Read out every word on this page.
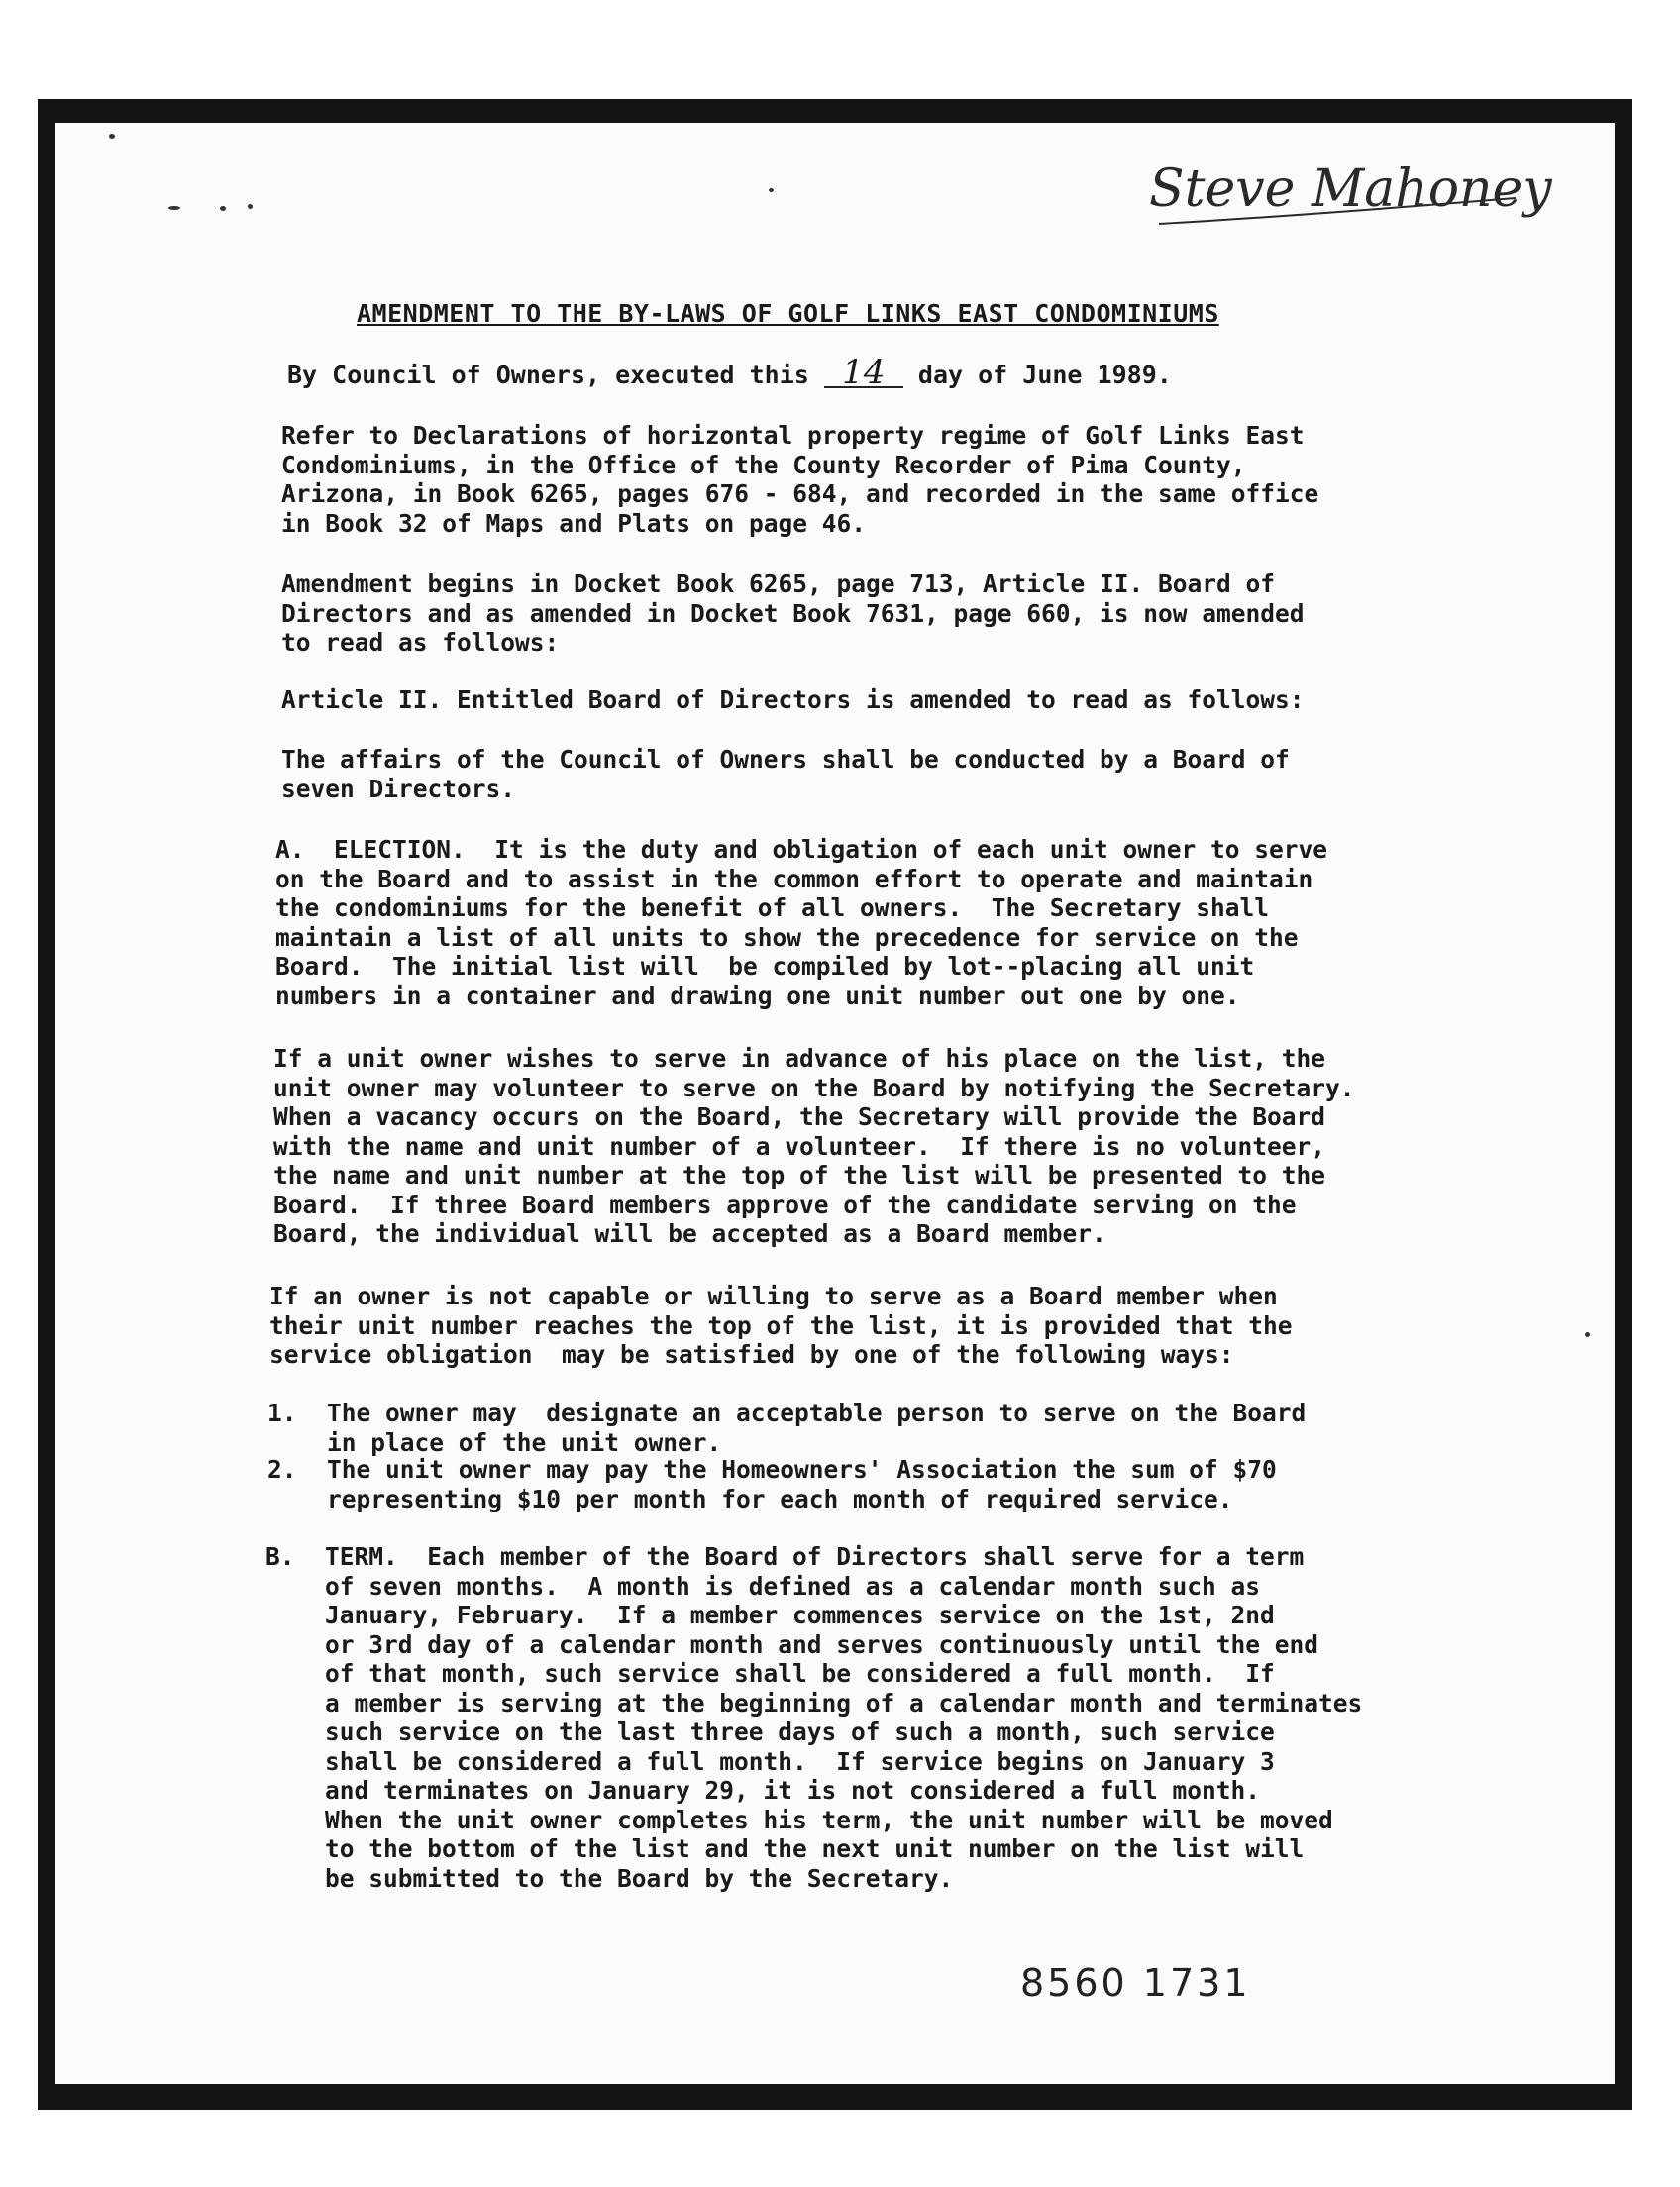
Steve Mahoney
AMENDMENT TO THE BY-LAWS OF GOLF LINKS EAST CONDOMINIUMS
By Council of Owners, executed this 14 day of June 1989.
Refer to Declarations of horizontal property regime of Golf Links East
Condominiums, in the Office of the County Recorder of Pima County,
Arizona, in Book 6265, pages 676 - 684, and recorded in the same office
in Book 32 of Maps and Plats on page 46.
Amendment begins in Docket Book 6265, page 713, Article II. Board of
Directors and as amended in Docket Book 7631, page 660, is now amended
to read as follows:
Article II. Entitled Board of Directors is amended to read as follows:
The affairs of the Council of Owners shall be conducted by a Board of
seven Directors.
A.  ELECTION.  It is the duty and obligation of each unit owner to serve
on the Board and to assist in the common effort to operate and maintain
the condominiums for the benefit of all owners.  The Secretary shall
maintain a list of all units to show the precedence for service on the
Board.  The initial list will  be compiled by lot--placing all unit
numbers in a container and drawing one unit number out one by one.
If a unit owner wishes to serve in advance of his place on the list, the
unit owner may volunteer to serve on the Board by notifying the Secretary.
When a vacancy occurs on the Board, the Secretary will provide the Board
with the name and unit number of a volunteer.  If there is no volunteer,
the name and unit number at the top of the list will be presented to the
Board.  If three Board members approve of the candidate serving on the
Board, the individual will be accepted as a Board member.
If an owner is not capable or willing to serve as a Board member when
their unit number reaches the top of the list, it is provided that the
service obligation  may be satisfied by one of the following ways:
1. The owner may  designate an acceptable person to serve on the Board
in place of the unit owner.
2. The unit owner may pay the Homeowners' Association the sum of $70
representing $10 per month for each month of required service.
B. TERM.  Each member of the Board of Directors shall serve for a term
of seven months.  A month is defined as a calendar month such as
January, February.  If a member commences service on the 1st, 2nd
or 3rd day of a calendar month and serves continuously until the end
of that month, such service shall be considered a full month.  If
a member is serving at the beginning of a calendar month and terminates
such service on the last three days of such a month, such service
shall be considered a full month.  If service begins on January 3
and terminates on January 29, it is not considered a full month.
When the unit owner completes his term, the unit number will be moved
to the bottom of the list and the next unit number on the list will
be submitted to the Board by the Secretary.
8560 1731
